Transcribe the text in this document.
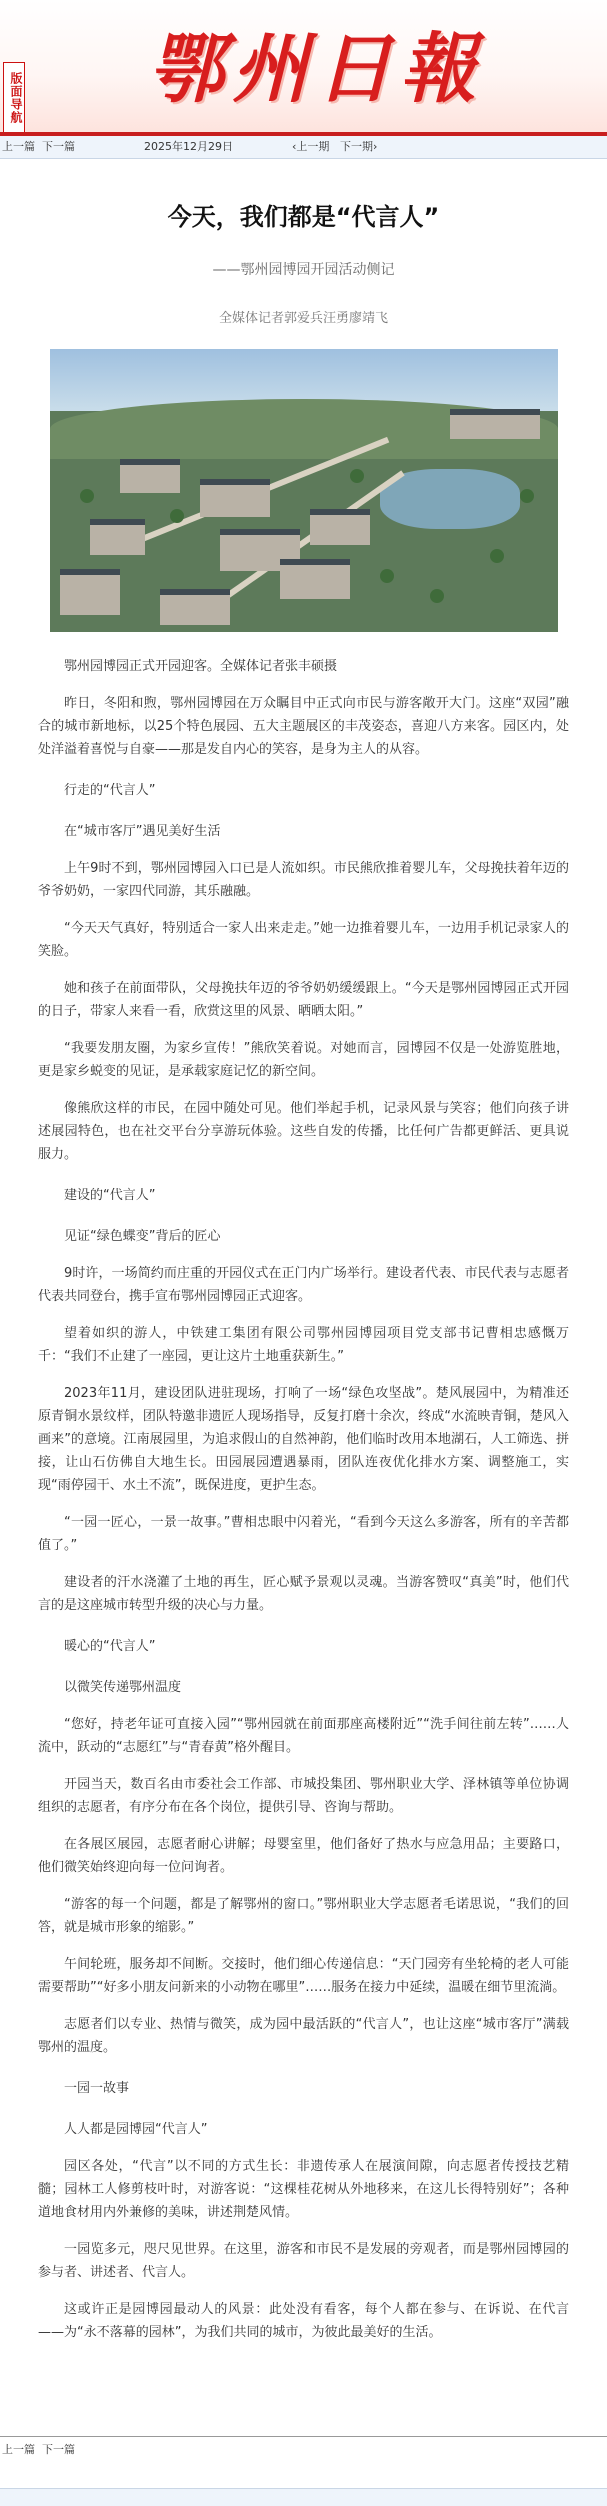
版面导航 鄂州日報
上一篇 下一篇	2025年12月29日	‹上一期 下一期›
今天，我们都是“代言人”
——鄂州园博园开园活动侧记
全媒体记者郭爱兵汪勇廖靖飞
鄂州园博园正式开园迎客。全媒体记者张丰硕摄
昨日，冬阳和煦，鄂州园博园在万众瞩目中正式向市民与游客敞开大门。这座“双园”融合的城市新地标，以25个特色展园、五大主题展区的丰茂姿态，喜迎八方来客。园区内，处处洋溢着喜悦与自豪——那是发自内心的笑容，是身为主人的从容。
行走的“代言人”
在“城市客厅”遇见美好生活
上午9时不到，鄂州园博园入口已是人流如织。市民熊欣推着婴儿车，父母挽扶着年迈的爷爷奶奶，一家四代同游，其乐融融。
“今天天气真好，特别适合一家人出来走走。”她一边推着婴儿车，一边用手机记录家人的笑脸。
她和孩子在前面带队，父母挽扶年迈的爷爷奶奶缓缓跟上。“今天是鄂州园博园正式开园的日子，带家人来看一看，欣赏这里的风景、晒晒太阳。”
“我要发朋友圈，为家乡宣传！”熊欣笑着说。对她而言，园博园不仅是一处游览胜地，更是家乡蜕变的见证，是承载家庭记忆的新空间。
像熊欣这样的市民，在园中随处可见。他们举起手机，记录风景与笑容；他们向孩子讲述展园特色，也在社交平台分享游玩体验。这些自发的传播，比任何广告都更鲜活、更具说服力。
建设的“代言人”
见证“绿色蝶变”背后的匠心
9时许，一场简约而庄重的开园仪式在正门内广场举行。建设者代表、市民代表与志愿者代表共同登台，携手宣布鄂州园博园正式迎客。
望着如织的游人，中铁建工集团有限公司鄂州园博园项目党支部书记曹相忠感慨万千：“我们不止建了一座园，更让这片土地重获新生。”
2023年11月，建设团队进驻现场，打响了一场“绿色攻坚战”。楚风展园中，为精准还原青铜水景纹样，团队特邀非遗匠人现场指导，反复打磨十余次，终成“水流映青铜，楚风入画来”的意境。江南展园里，为追求假山的自然神韵，他们临时改用本地湖石，人工筛选、拼接，让山石仿佛自大地生长。田园展园遭遇暴雨，团队连夜优化排水方案、调整施工，实现“雨停园干、水土不流”，既保进度，更护生态。
“一园一匠心，一景一故事。”曹相忠眼中闪着光，“看到今天这么多游客，所有的辛苦都值了。”
建设者的汗水浇灌了土地的再生，匠心赋予景观以灵魂。当游客赞叹“真美”时，他们代言的是这座城市转型升级的决心与力量。
暖心的“代言人”
以微笑传递鄂州温度
“您好，持老年证可直接入园”“鄂州园就在前面那座高楼附近”“洗手间往前左转”……人流中，跃动的“志愿红”与“青春黄”格外醒目。
开园当天，数百名由市委社会工作部、市城投集团、鄂州职业大学、泽林镇等单位协调组织的志愿者，有序分布在各个岗位，提供引导、咨询与帮助。
在各展区展园，志愿者耐心讲解；母婴室里，他们备好了热水与应急用品；主要路口，他们微笑始终迎向每一位问询者。
“游客的每一个问题，都是了解鄂州的窗口。”鄂州职业大学志愿者毛诺思说，“我们的回答，就是城市形象的缩影。”
午间轮班，服务却不间断。交接时，他们细心传递信息：“天门园旁有坐轮椅的老人可能需要帮助”“好多小朋友问新来的小动物在哪里”……服务在接力中延续，温暖在细节里流淌。
志愿者们以专业、热情与微笑，成为园中最活跃的“代言人”，也让这座“城市客厅”满载鄂州的温度。
一园一故事
人人都是园博园“代言人”
园区各处，“代言”以不同的方式生长：非遗传承人在展演间隙，向志愿者传授技艺精髓；园林工人修剪枝叶时，对游客说：“这棵桂花树从外地移来，在这儿长得特别好”；各种道地食材用内外兼修的美味，讲述荆楚风情。
一园览多元，咫尺见世界。在这里，游客和市民不是发展的旁观者，而是鄂州园博园的参与者、讲述者、代言人。
这或许正是园博园最动人的风景：此处没有看客，每个人都在参与、在诉说、在代言——为“永不落幕的园林”，为我们共同的城市，为彼此最美好的生活。
上一篇 下一篇
